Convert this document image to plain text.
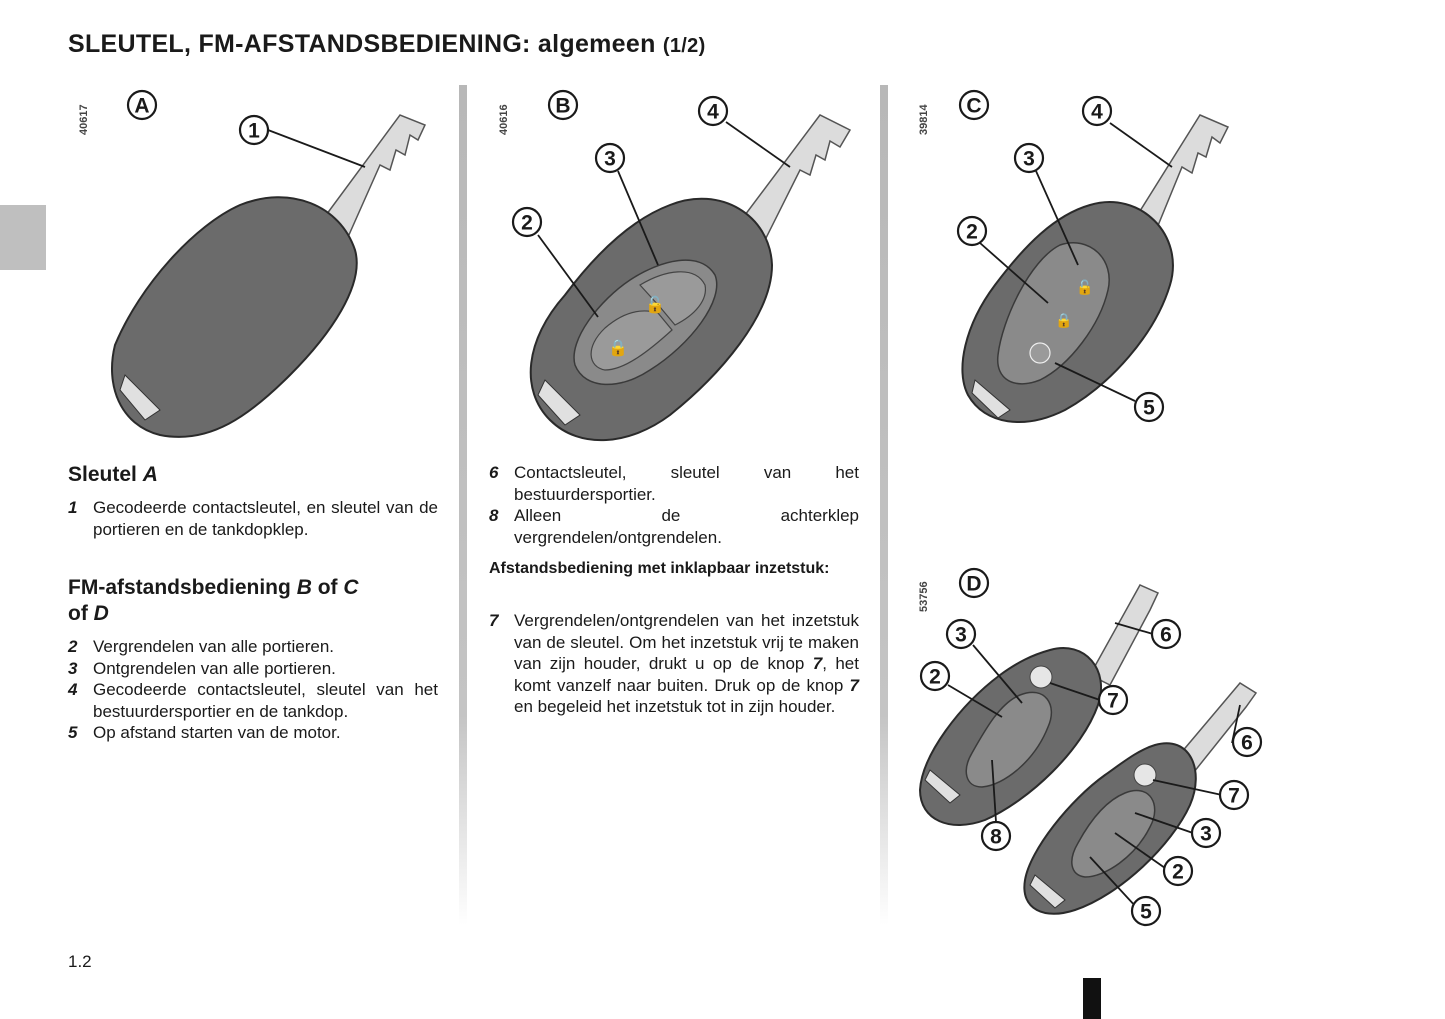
SLEUTEL, FM-AFSTANDSBEDIENING: algemeen (1/2)
40617 A
1	40616 B
🔓
🔒
4
3
2
39814 C
🔓
🔒
4
3
2
5
53756 D
3	6
2
7
8
6
7
3
2
5
Sleutel A
1 Gecodeerde contactsleutel, en sleutel van de portieren en de tankdopklep.
FM-afstandsbediening B of C
of D
2 Vergrendelen van alle portieren.
3 Ontgrendelen van alle portieren.
4 Gecodeerde contactsleutel, sleutel van het bestuurdersportier en de tankdop.
5 Op afstand starten van de motor.
6 Contactsleutel, sleutel van het bestuurdersportier.
8 Alleen de achterklep vergrendelen/ontgrendelen.
Afstandsbediening met inklapbaar inzetstuk:
7 Vergrendelen/ontgrendelen van het inzetstuk van de sleutel. Om het inzetstuk vrij te maken van zijn houder, drukt u op de knop 7, het komt vanzelf naar buiten. Druk op de knop 7 en begeleid het inzetstuk tot in zijn houder.
1.2
